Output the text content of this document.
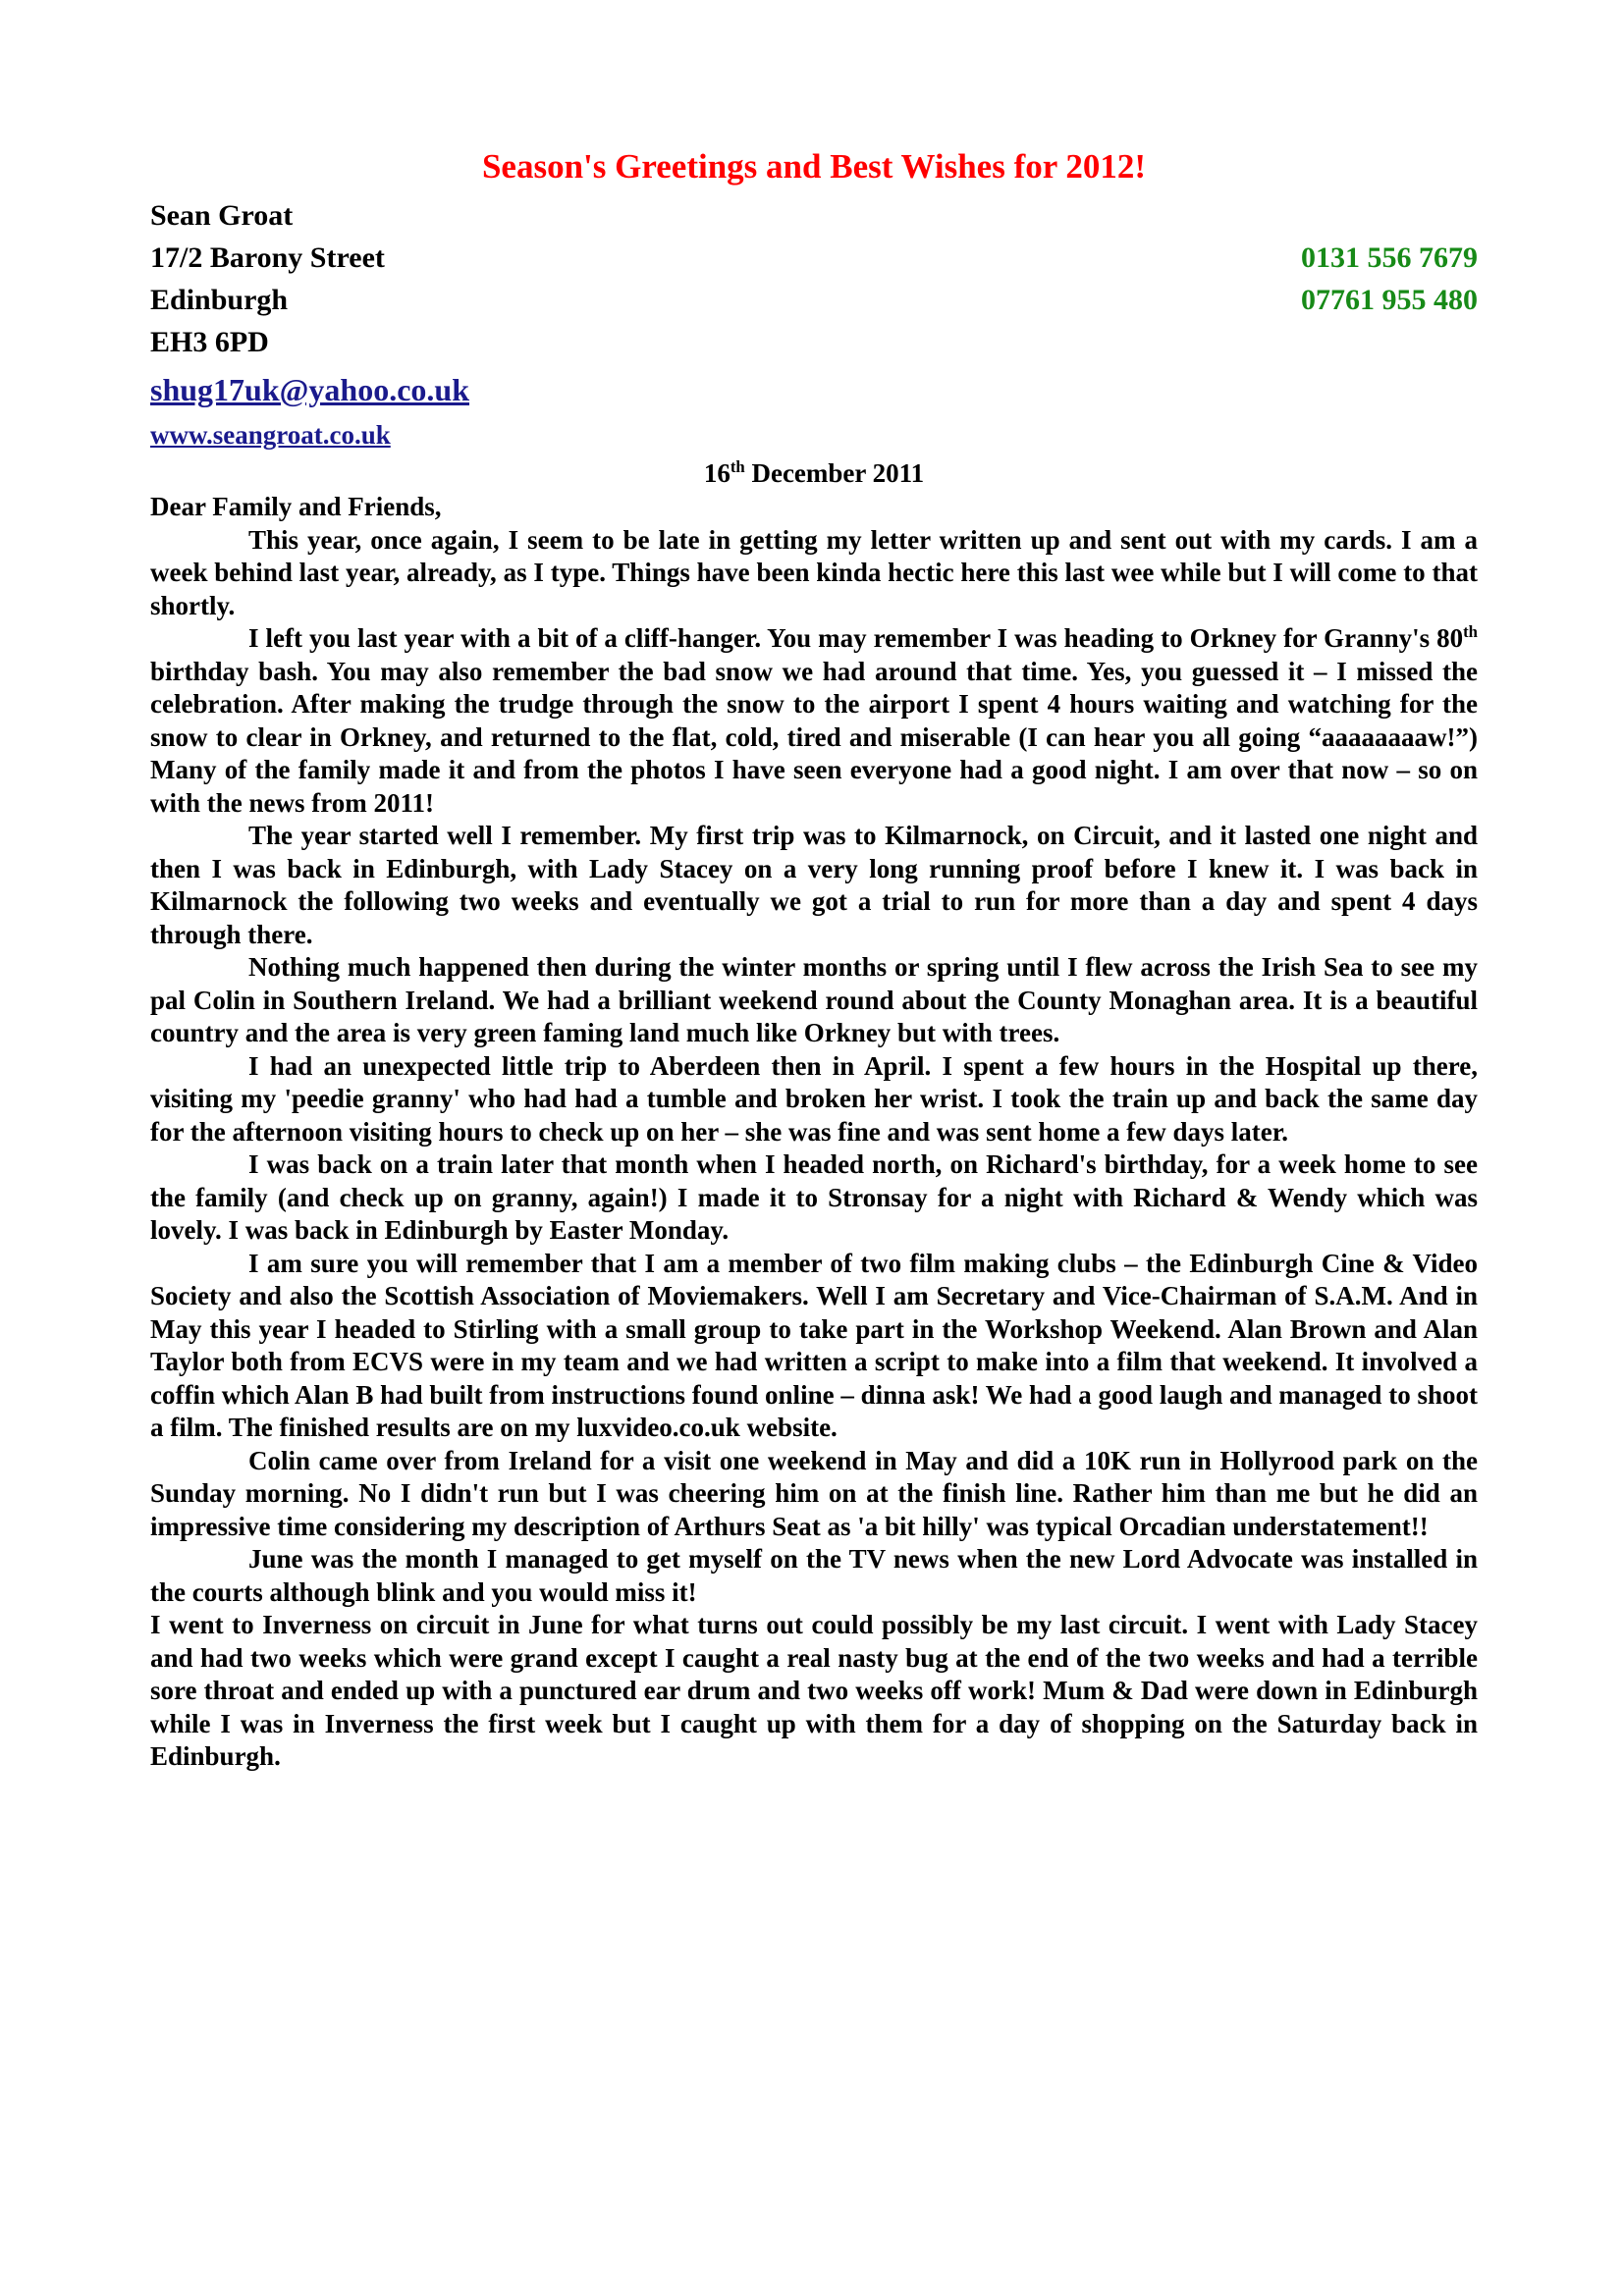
Season's Greetings and Best Wishes for 2012!
Sean Groat
17/2 Barony Street	0131 556 7679
Edinburgh	07761 955 480
EH3 6PD
shug17uk@yahoo.co.uk
www.seangroat.co.uk
16th December 2011

Dear Family and Friends,

This year, once again, I seem to be late in getting my letter written up and sent out with my cards. I am a week behind last year, already, as I type. Things have been kinda hectic here this last wee while but I will come to that shortly.

I left you last year with a bit of a cliff-hanger. You may remember I was heading to Orkney for Granny's 80th birthday bash. You may also remember the bad snow we had around that time. Yes, you guessed it – I missed the celebration. After making the trudge through the snow to the airport I spent 4 hours waiting and watching for the snow to clear in Orkney, and returned to the flat, cold, tired and miserable (I can hear you all going “aaaaaaaaw!”) Many of the family made it and from the photos I have seen everyone had a good night. I am over that now – so on with the news from 2011!

The year started well I remember. My first trip was to Kilmarnock, on Circuit, and it lasted one night and then I was back in Edinburgh, with Lady Stacey on a very long running proof before I knew it. I was back in Kilmarnock the following two weeks and eventually we got a trial to run for more than a day and spent 4 days through there.

Nothing much happened then during the winter months or spring until I flew across the Irish Sea to see my pal Colin in Southern Ireland. We had a brilliant weekend round about the County Monaghan area. It is a beautiful country and the area is very green faming land much like Orkney but with trees.

I had an unexpected little trip to Aberdeen then in April. I spent a few hours in the Hospital up there, visiting my 'peedie granny' who had had a tumble and broken her wrist. I took the train up and back the same day for the afternoon visiting hours to check up on her – she was fine and was sent home a few days later.

I was back on a train later that month when I headed north, on Richard's birthday, for a week home to see the family (and check up on granny, again!) I made it to Stronsay for a night with Richard & Wendy which was lovely. I was back in Edinburgh by Easter Monday.

I am sure you will remember that I am a member of two film making clubs – the Edinburgh Cine & Video Society and also the Scottish Association of Moviemakers. Well I am Secretary and Vice-Chairman of S.A.M. And in May this year I headed to Stirling with a small group to take part in the Workshop Weekend. Alan Brown and Alan Taylor both from ECVS were in my team and we had written a script to make into a film that weekend. It involved a coffin which Alan B had built from instructions found online – dinna ask! We had a good laugh and managed to shoot a film. The finished results are on my luxvideo.co.uk website.

Colin came over from Ireland for a visit one weekend in May and did a 10K run in Hollyrood park on the Sunday morning. No I didn't run but I was cheering him on at the finish line. Rather him than me but he did an impressive time considering my description of Arthurs Seat as 'a bit hilly' was typical Orcadian understatement!!

June was the month I managed to get myself on the TV news when the new Lord Advocate was installed in the courts although blink and you would miss it!

I went to Inverness on circuit in June for what turns out could possibly be my last circuit. I went with Lady Stacey and had two weeks which were grand except I caught a real nasty bug at the end of the two weeks and had a terrible sore throat and ended up with a punctured ear drum and two weeks off work! Mum & Dad were down in Edinburgh while I was in Inverness the first week but I caught up with them for a day of shopping on the Saturday back in Edinburgh.
